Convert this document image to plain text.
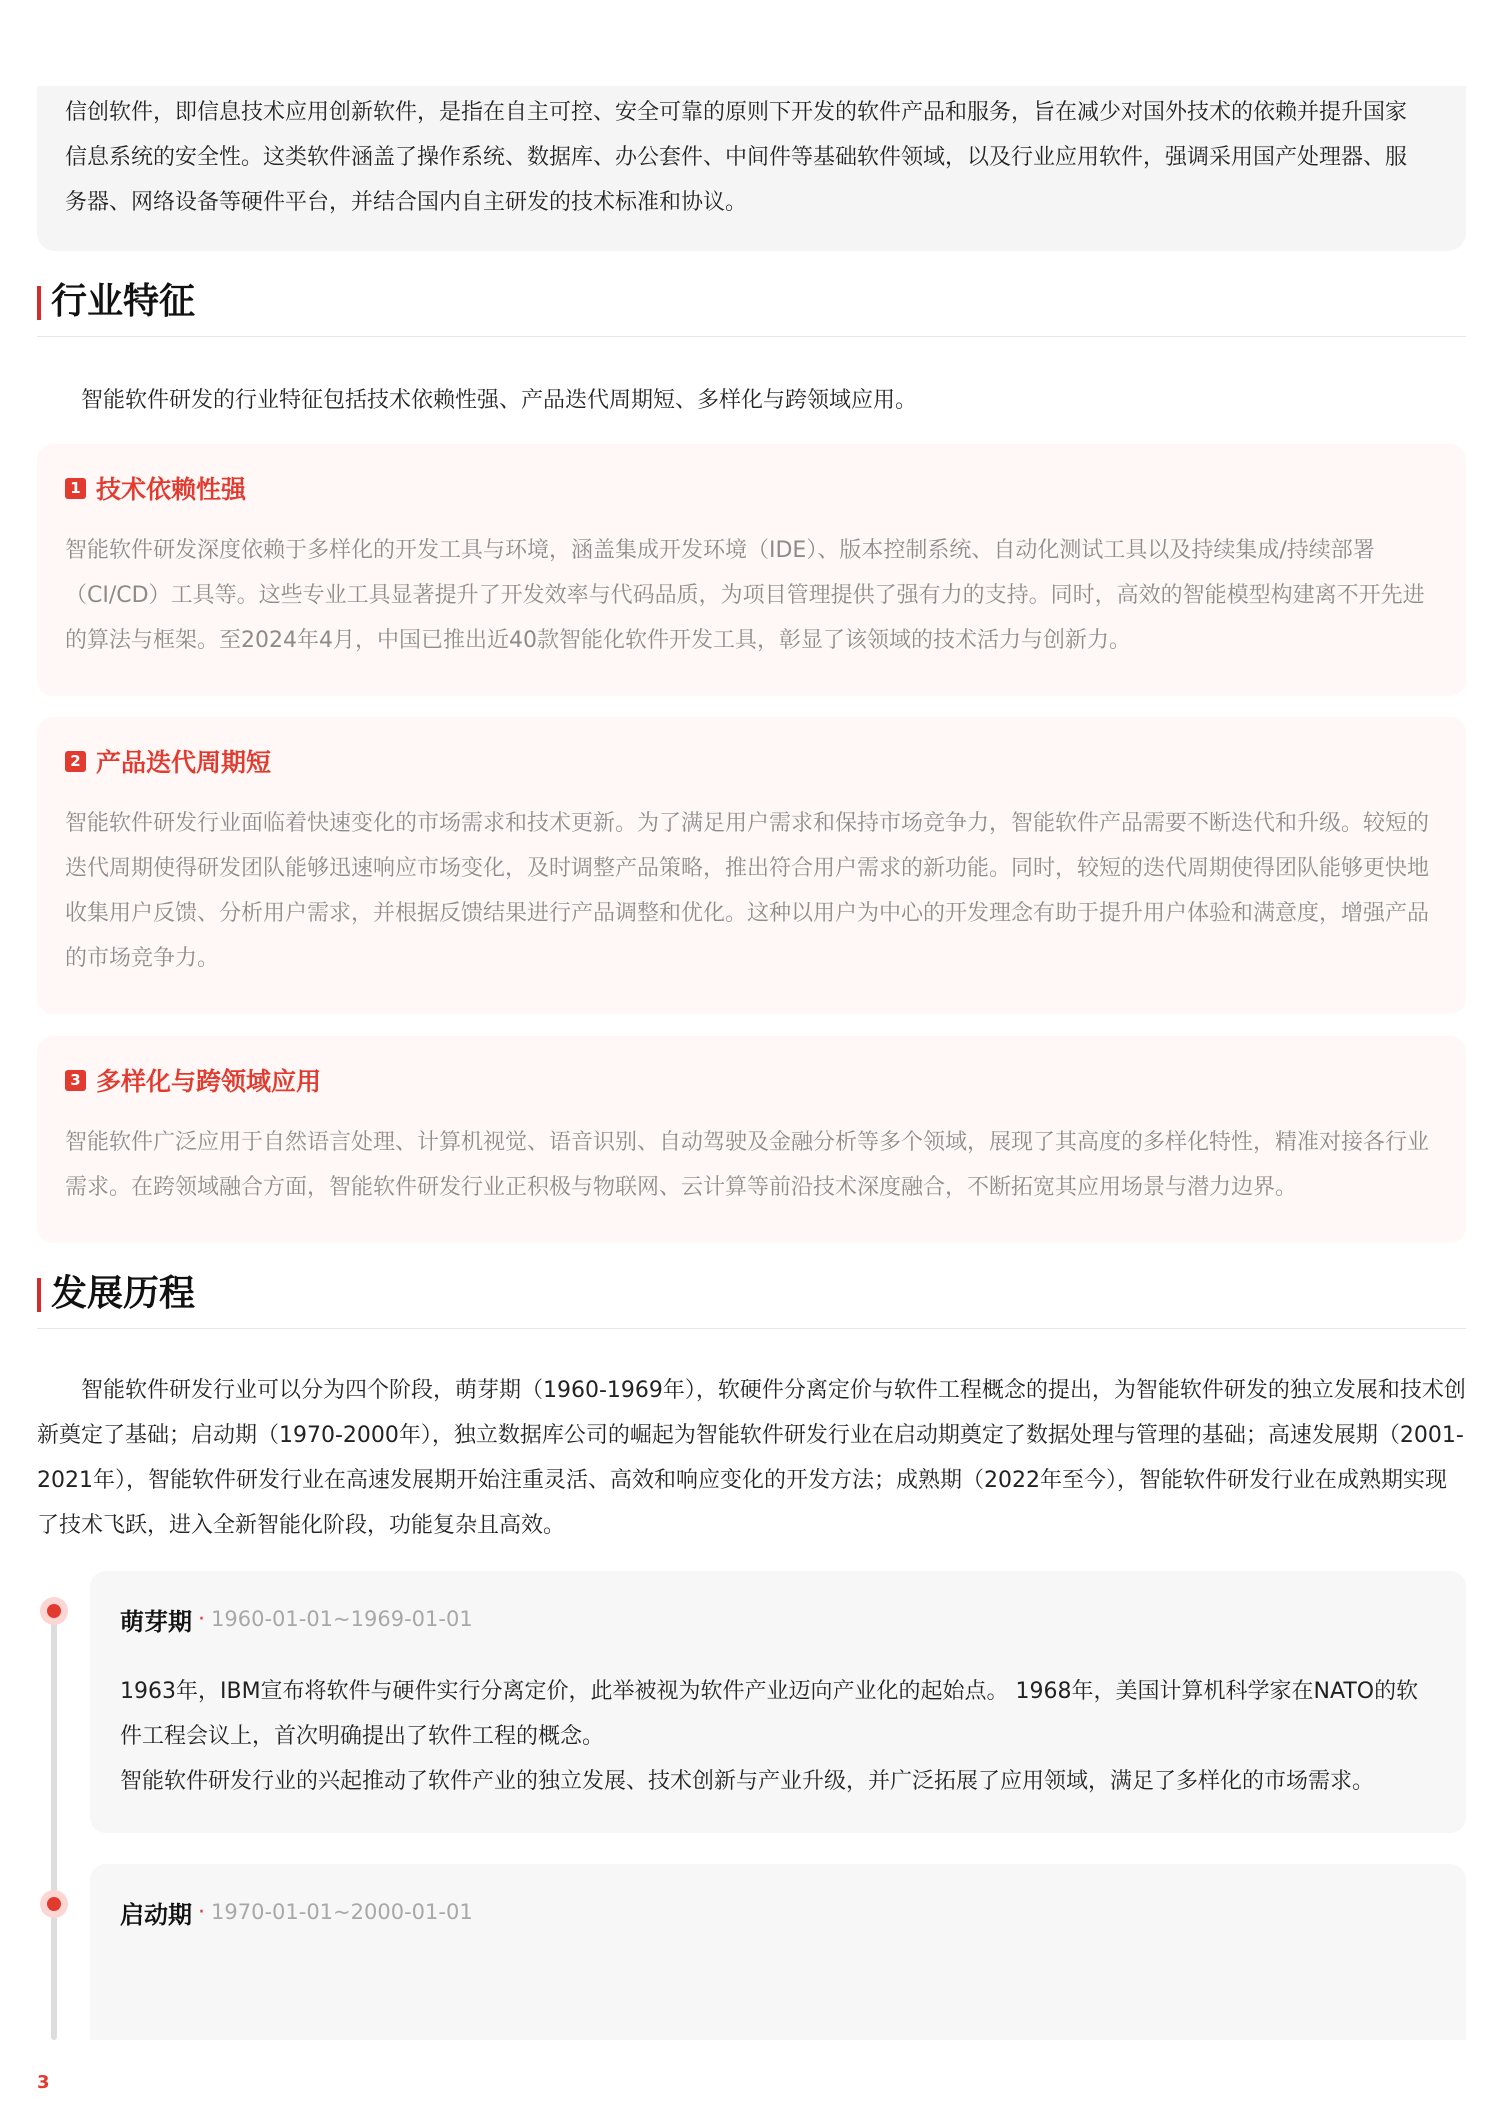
信创软件，即信息技术应用创新软件，是指在自主可控、安全可靠的原则下开发的软件产品和服务，旨在减少对国外技术的依赖并提升国家信息系统的安全性。这类软件涵盖了操作系统、数据库、办公套件、中间件等基础软件领域，以及行业应用软件，强调采用国产处理器、服务器、网络设备等硬件平台，并结合国内自主研发的技术标准和协议。

行业特征

智能软件研发的行业特征包括技术依赖性强、产品迭代周期短、多样化与跨领域应用。

1 技术依赖性强

智能软件研发深度依赖于多样化的开发工具与环境，涵盖集成开发环境（IDE）、版本控制系统、自动化测试工具以及持续集成/持续部署（CI/CD）工具等。这些专业工具显著提升了开发效率与代码品质，为项目管理提供了强有力的支持。同时，高效的智能模型构建离不开先进的算法与框架。至2024年4月，中国已推出近40款智能化软件开发工具，彰显了该领域的技术活力与创新力。

2 产品迭代周期短

智能软件研发行业面临着快速变化的市场需求和技术更新。为了满足用户需求和保持市场竞争力，智能软件产品需要不断迭代和升级。较短的迭代周期使得研发团队能够迅速响应市场变化，及时调整产品策略，推出符合用户需求的新功能。同时，较短的迭代周期使得团队能够更快地收集用户反馈、分析用户需求，并根据反馈结果进行产品调整和优化。这种以用户为中心的开发理念有助于提升用户体验和满意度，增强产品的市场竞争力。

3 多样化与跨领域应用

智能软件广泛应用于自然语言处理、计算机视觉、语音识别、自动驾驶及金融分析等多个领域，展现了其高度的多样化特性，精准对接各行业需求。在跨领域融合方面，智能软件研发行业正积极与物联网、云计算等前沿技术深度融合，不断拓宽其应用场景与潜力边界。

发展历程

智能软件研发行业可以分为四个阶段，萌芽期（1960-1969年），软硬件分离定价与软件工程概念的提出，为智能软件研发的独立发展和技术创新奠定了基础；启动期（1970-2000年），独立数据库公司的崛起为智能软件研发行业在启动期奠定了数据处理与管理的基础；高速发展期（2001-2021年），智能软件研发行业在高速发展期开始注重灵活、高效和响应变化的开发方法；成熟期（2022年至今），智能软件研发行业在成熟期实现了技术飞跃，进入全新智能化阶段，功能复杂且高效。

萌芽期 · 1960-01-01~1969-01-01

1963年，IBM宣布将软件与硬件实行分离定价，此举被视为软件产业迈向产业化的起始点。 1968年，美国计算机科学家在NATO的软件工程会议上，首次明确提出了软件工程的概念。
智能软件研发行业的兴起推动了软件产业的独立发展、技术创新与产业升级，并广泛拓展了应用领域，满足了多样化的市场需求。

启动期 · 1970-01-01~2000-01-01
3
